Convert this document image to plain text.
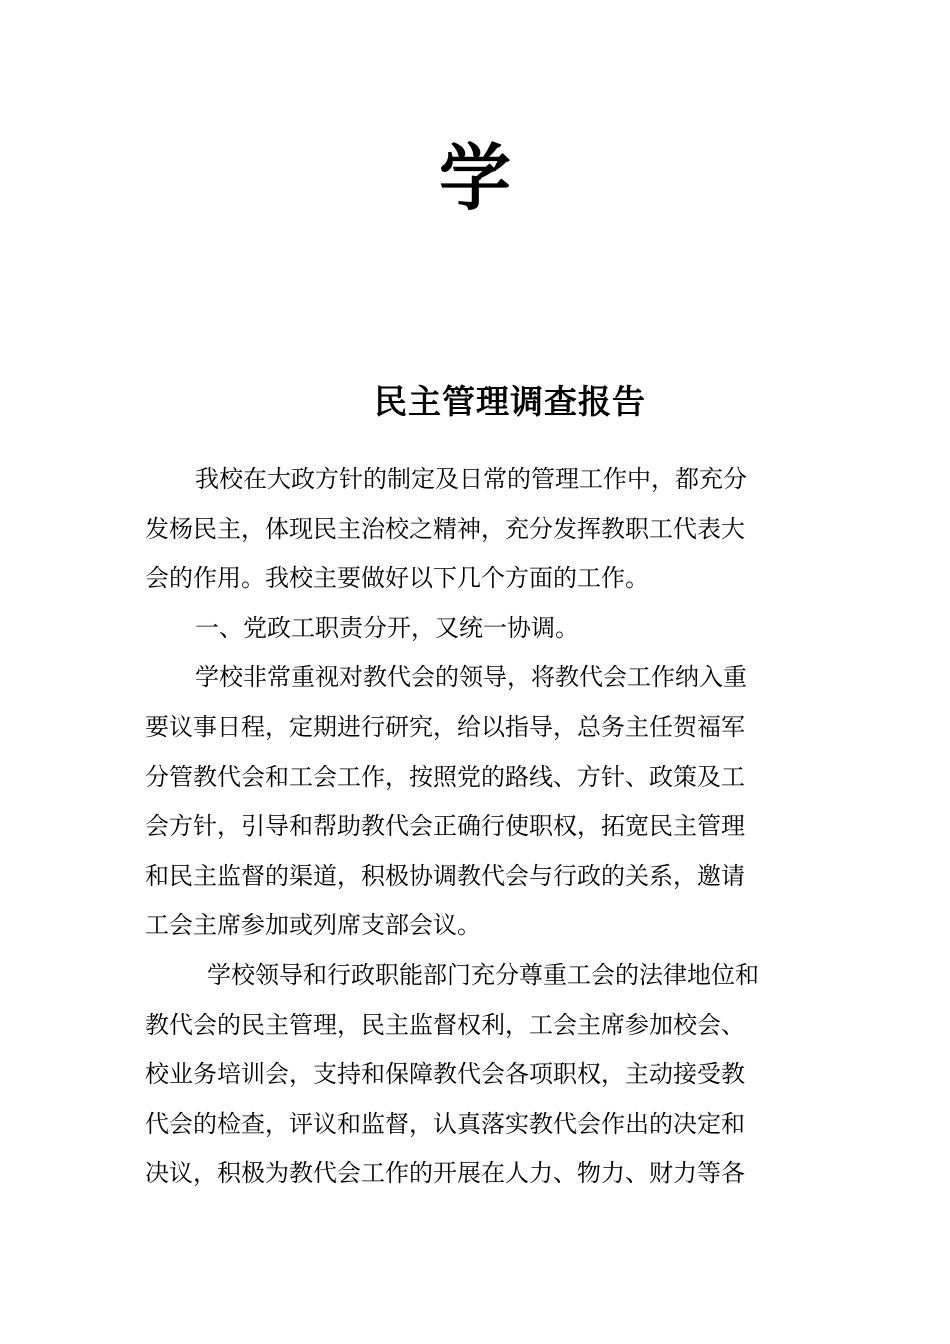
学
民主管理调查报告
我校在大政方针的制定及日常的管理工作中，都充分
发杨民主，体现民主治校之精神，充分发挥教职工代表大
会的作用。我校主要做好以下几个方面的工作。
一、党政工职责分开，又统一协调。
学校非常重视对教代会的领导，将教代会工作纳入重
要议事日程，定期进行研究，给以指导，总务主任贺福军
分管教代会和工会工作，按照党的路线、方针、政策及工
会方针，引导和帮助教代会正确行使职权，拓宽民主管理
和民主监督的渠道，积极协调教代会与行政的关系，邀请
工会主席参加或列席支部会议。
学校领导和行政职能部门充分尊重工会的法律地位和
教代会的民主管理，民主监督权利，工会主席参加校会、
校业务培训会，支持和保障教代会各项职权，主动接受教
代会的检查，评议和监督，认真落实教代会作出的决定和
决议，积极为教代会工作的开展在人力、物力、财力等各
